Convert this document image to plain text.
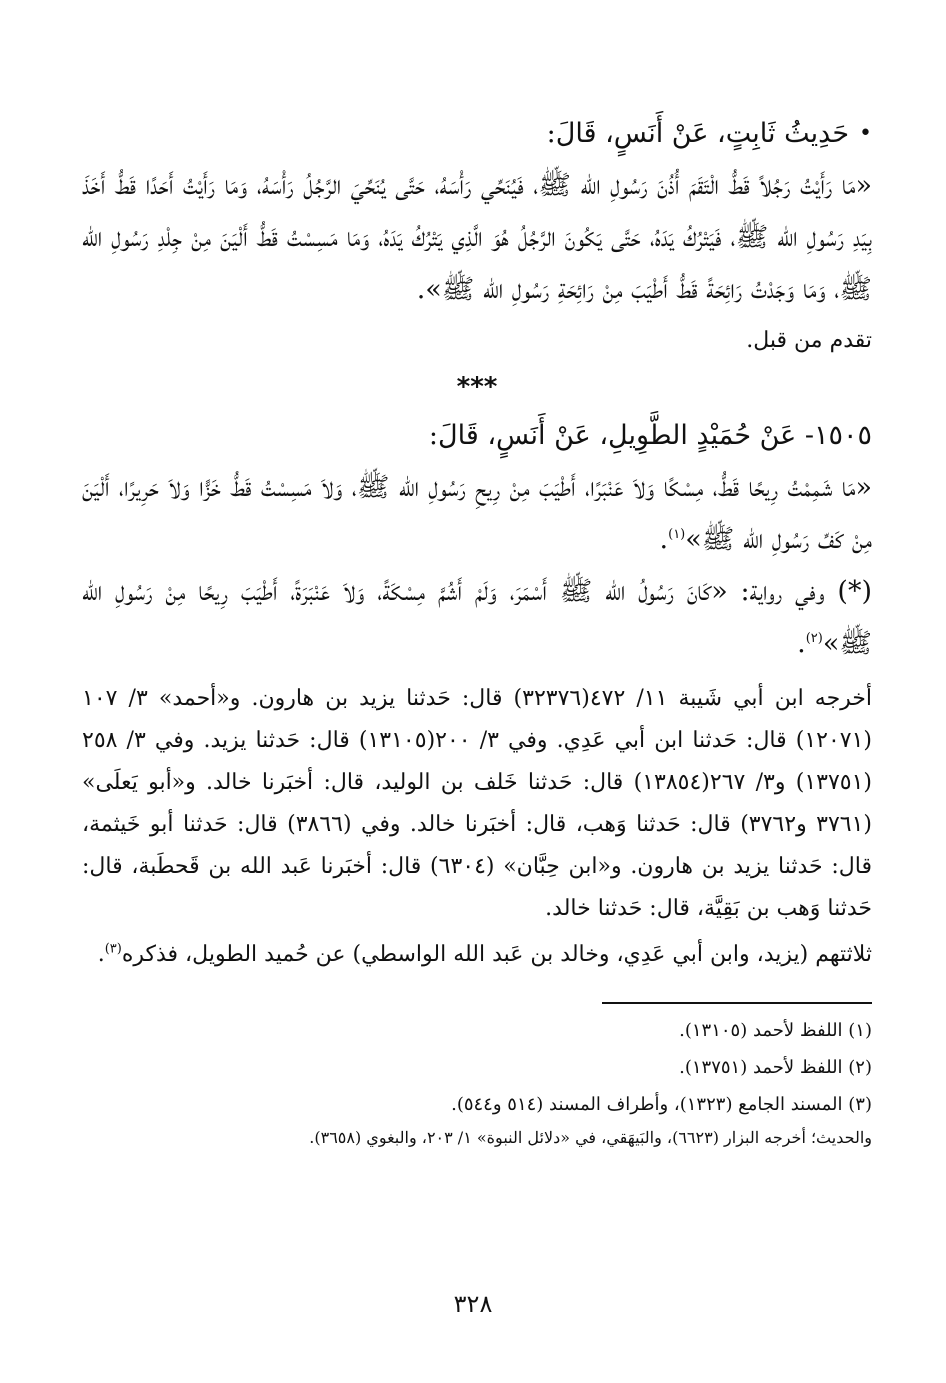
•
حَدِيثُ ثَابِتٍ، عَنْ أَنَسٍ، قَالَ:

«مَا رَأَيْتُ رَجُلاً قَطُّ الْتَقَمَ أُذُنَ رَسُولِ الله ﷺ، فَيُنَحِّي رَأْسَهُ، حَتَّى يُنَحِّيَ الرَّجُلُ رَأْسَهُ، وَمَا رَأَيْتُ أَحَدًا قَطُّ أَخَذَ بِيَدِ رَسُولِ الله ﷺ، فَيَتْرُكُ يَدَهُ، حَتَّى يَكُونَ الرَّجُلُ هُوَ الَّذِي يَتْرُكُ يَدَهُ، وَمَا مَسِسْتُ قَطُّ أَلْيَنَ مِنْ جِلْدِ رَسُولِ الله ﷺ، وَمَا وَجَدْتُ رَائِحَةً قَطُّ أَطْيَبَ مِنْ رَائِحَةِ رَسُولِ الله ﷺ».

تقدم من قبل.

***

١٥٠٥- عَنْ حُمَيْدٍ الطَّوِيلِ، عَنْ أَنَسٍ، قَالَ:

«مَا شَمِمْتُ رِيحًا قَطُّ، مِسْكًا وَلاَ عَنْبَرًا، أَطْيَبَ مِنْ رِيحِ رَسُولِ الله ﷺ، وَلاَ مَسِسْتُ قَطُّ خَزًّا وَلاَ حَرِيرًا، أَلْيَنَ مِنْ كَفِّ رَسُولِ الله ﷺ»$^{(١)}$.

(*) وفي رواية: «كَانَ رَسُولُ الله ﷺ أَسْمَرَ، وَلَمْ أَشُمَّ مِسْكَةً، وَلاَ عَنْبَرَةً، أَطْيَبَ رِيحًا مِنْ رَسُولِ الله ﷺ»$^{(٢)}$.

أخرجه ابن أبي شَيبة ١١/ ٤٧٢(٣٢٣٧٦) قال: حَدثنا يزيد بن هارون. و«أحمد» ٣/ ١٠٧ (١٢٠٧١) قال: حَدثنا ابن أبي عَدِي. وفي ٣/ ٢٠٠(١٣١٠٥) قال: حَدثنا يزيد. وفي ٣/ ٢٥٨ (١٣٧٥١) و٣/ ٢٦٧(١٣٨٥٤) قال: حَدثنا خَلف بن الوليد، قال: أخبَرنا خالد. و«أبو يَعلَى» (٣٧٦١ و٣٧٦٢) قال: حَدثنا وَهب، قال: أخبَرنا خالد. وفي (٣٨٦٦) قال: حَدثنا أبو خَيثمة، قال: حَدثنا يزيد بن هارون. و«ابن حِبَّان» (٦٣٠٤) قال: أخبَرنا عَبد الله بن قَحطَبة، قال: حَدثنا وَهب بن بَقِيَّة، قال: حَدثنا خالد.

ثلاثتهم (يزيد، وابن أبي عَدِي، وخالد بن عَبد الله الواسطي) عن حُميد الطويل، فذكره$^{(٣)}$.

(١) اللفظ لأحمد (١٣١٠٥).

(٢) اللفظ لأحمد (١٣٧٥١).

(٣) المسند الجامع (١٣٢٣)، وأطراف المسند (٥١٤ و٥٤٤).

والحديث؛ أخرجه البزار (٦٦٢٣)، والبَيهَقي، في «دلائل النبوة» ١/ ٢٠٣، والبغوي (٣٦٥٨).

٣٢٨
